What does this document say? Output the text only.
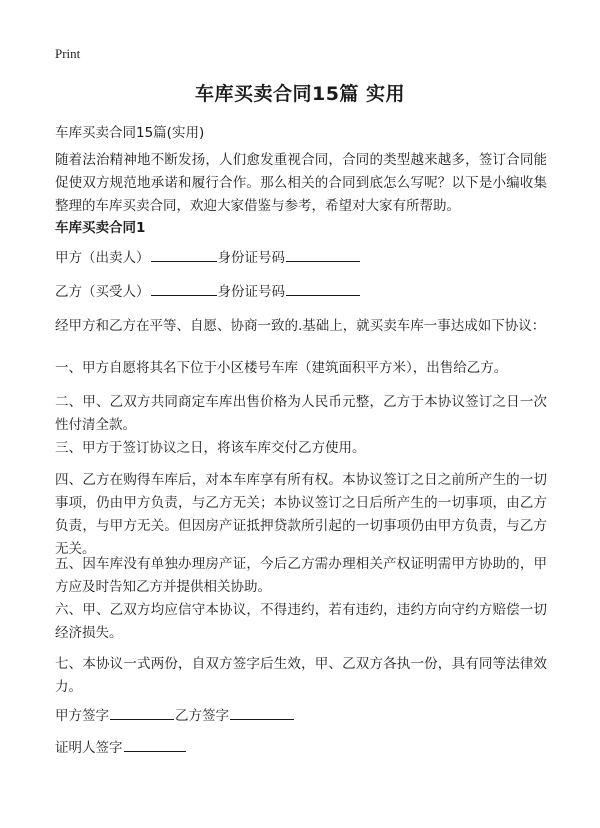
Print
车库买卖合同15篇 实用
车库买卖合同15篇(实用)
随着法治精神地不断发扬，人们愈发重视合同，合同的类型越来越多，签订合同能促使双方规范地承诺和履行合作。那么相关的合同到底怎么写呢？以下是小编收集整理的车库买卖合同，欢迎大家借鉴与参考，希望对大家有所帮助。
车库买卖合同1
甲方（出卖人）	身份证号码
乙方（买受人）	身份证号码
经甲方和乙方在平等、自愿、协商一致的.基础上，就买卖车库一事达成如下协议：
一、甲方自愿将其名下位于小区楼号车库（建筑面积平方米），出售给乙方。
二、甲、乙双方共同商定车库出售价格为人民币元整，乙方于本协议签订之日一次性付清全款。
三、甲方于签订协议之日，将该车库交付乙方使用。
四、乙方在购得车库后，对本车库享有所有权。本协议签订之日之前所产生的一切事项，仍由甲方负责，与乙方无关；本协议签订之日后所产生的一切事项，由乙方负责，与甲方无关。但因房产证抵押贷款所引起的一切事项仍由甲方负责，与乙方无关。
五、因车库没有单独办理房产证，今后乙方需办理相关产权证明需甲方协助的，甲方应及时告知乙方并提供相关协助。
六、甲、乙双方均应信守本协议，不得违约，若有违约，违约方向守约方赔偿一切经济损失。
七、本协议一式两份，自双方签字后生效，甲、乙双方各执一份，具有同等法律效力。
甲方签字	乙方签字
证明人签字
